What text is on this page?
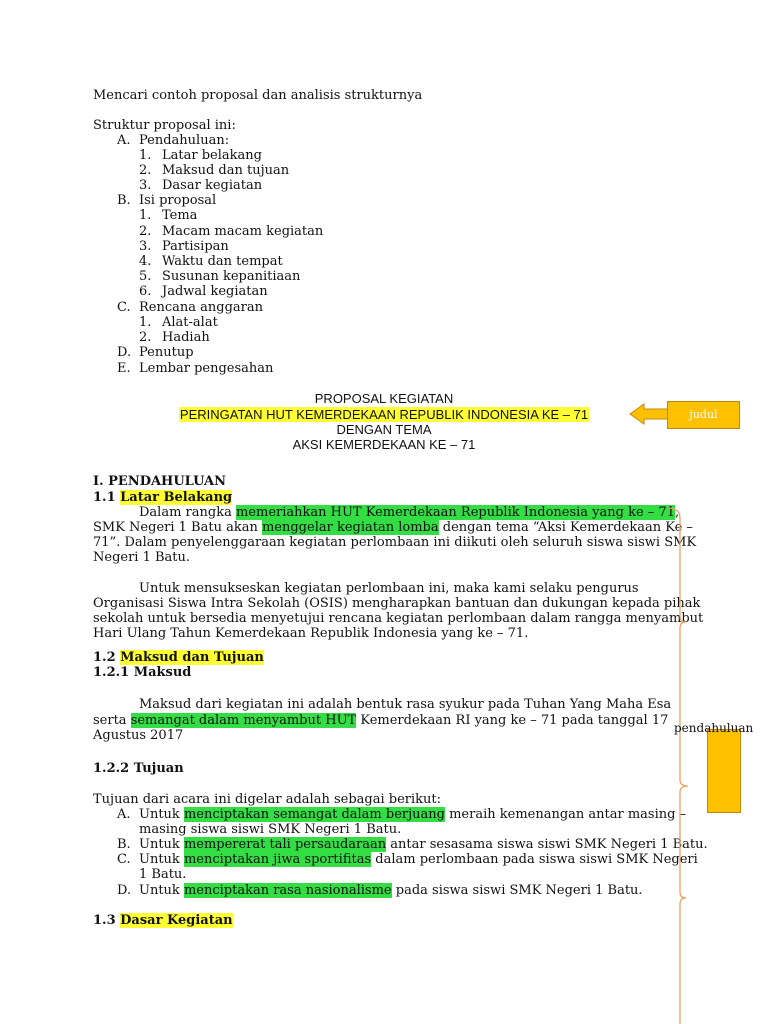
Mencari contoh proposal dan analisis strukturnya
Struktur proposal ini:
A. Pendahuluan:
1. Latar belakang
2. Maksud dan tujuan
3. Dasar kegiatan
B. Isi proposal
1. Tema
2. Macam macam kegiatan
3. Partisipan
4. Waktu dan tempat
5. Susunan kepanitiaan
6. Jadwal kegiatan
C. Rencana anggaran
1. Alat-alat
2. Hadiah
D. Penutup
E. Lembar pengesahan
PROPOSAL KEGIATAN
PERINGATAN HUT KEMERDEKAAN REPUBLIK INDONESIA KE – 71
DENGAN TEMA
AKSI KEMERDEKAAN KE – 71
judul
I. PENDAHULUAN
1.1 Latar Belakang
Dalam rangka memeriahkan HUT Kemerdekaan Republik Indonesia yang ke – 71,
SMK Negeri 1 Batu akan menggelar kegiatan lomba dengan tema “Aksi Kemerdekaan Ke –
71”. Dalam penyelenggaraan kegiatan perlombaan ini diikuti oleh seluruh siswa siswi SMK
Negeri 1 Batu.
Untuk mensukseskan kegiatan perlombaan ini, maka kami selaku pengurus
Organisasi Siswa Intra Sekolah (OSIS) mengharapkan bantuan dan dukungan kepada pihak
sekolah untuk bersedia menyetujui rencana kegiatan perlombaan dalam rangga menyambut
Hari Ulang Tahun Kemerdekaan Republik Indonesia yang ke – 71.
1.2 Maksud dan Tujuan
1.2.1 Maksud
Maksud dari kegiatan ini adalah bentuk rasa syukur pada Tuhan Yang Maha Esa
serta semangat dalam menyambut HUT Kemerdekaan RI yang ke – 71 pada tanggal 17
Agustus 2017
1.2.2 Tujuan
Tujuan dari acara ini digelar adalah sebagai berikut:
A. Untuk menciptakan semangat dalam berjuang meraih kemenangan antar masing –
masing siswa siswi SMK Negeri 1 Batu.
B. Untuk mempererat tali persaudaraan antar sesasama siswa siswi SMK Negeri 1 Batu.
C. Untuk menciptakan jiwa sportifitas dalam perlombaan pada siswa siswi SMK Negeri
1 Batu.
D. Untuk menciptakan rasa nasionalisme pada siswa siswi SMK Negeri 1 Batu.
1.3 Dasar Kegiatan
pendahuluan
